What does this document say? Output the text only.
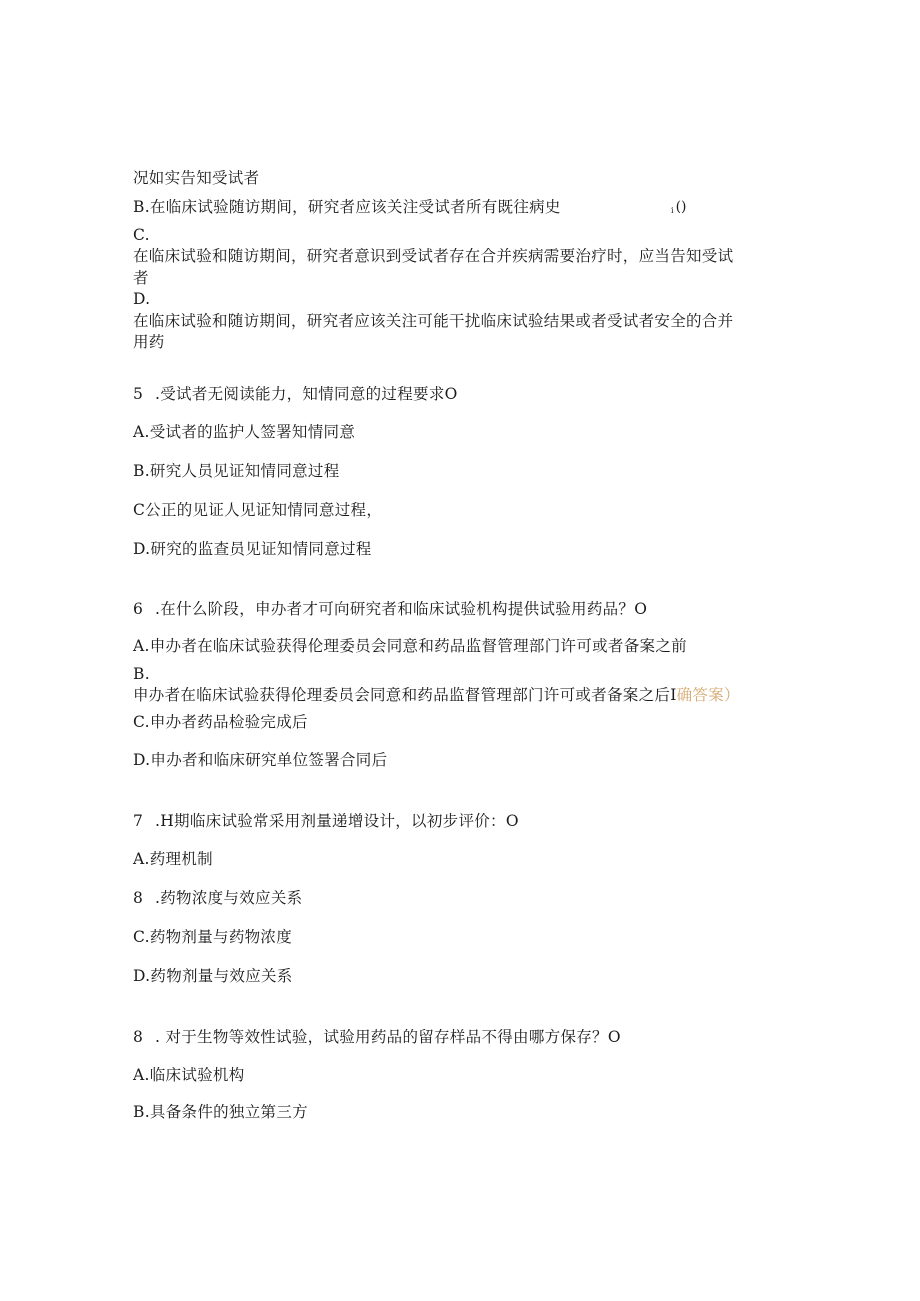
况如实告知受试者
B.在临床试验随访期间，研究者应该关注受试者所有既往病史	i ()
C.
在临床试验和随访期间，研究者意识到受试者存在合并疾病需要治疗时，应当告知受试
者
D.
在临床试验和随访期间，研究者应该关注可能干扰临床试验结果或者受试者安全的合并
用药
5 .受试者无阅读能力，知情同意的过程要求O
A.受试者的监护人签署知情同意
B.研究人员见证知情同意过程
C公正的见证人见证知情同意过程，
D.研究的监查员见证知情同意过程
6 .在什么阶段，申办者才可向研究者和临床试验机构提供试验用药品？O
A.申办者在临床试验获得伦理委员会同意和药品监督管理部门许可或者备案之前
B.
申办者在临床试验获得伦理委员会同意和药品监督管理部门许可或者备案之后I确答案）
C.申办者药品检验完成后
D.申办者和临床研究单位签署合同后
7 .H期临床试验常采用剂量递增设计，以初步评价：O
A.药理机制
8 .药物浓度与效应关系
C.药物剂量与药物浓度
D.药物剂量与效应关系
8 . 对于生物等效性试验，试验用药品的留存样品不得由哪方保存？O
A.临床试验机构
B.具备条件的独立第三方
